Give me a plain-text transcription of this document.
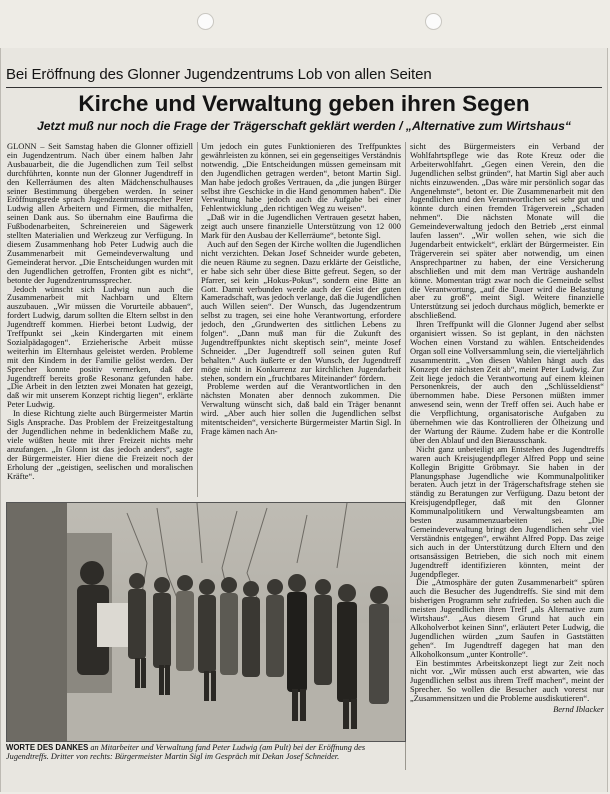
Bei Eröffnung des Glonner Jugendzentrums Lob von allen Seiten
Kirche und Verwaltung geben ihren Segen
Jetzt muß nur noch die Frage der Trägerschaft geklärt werden / „Alternative zum Wirtshaus“

GLONN – Seit Samstag haben die Glonner offiziell ein Jugendzentrum. Nach über einem halben Jahr Ausbauarbeit, die die Jugendlichen zum Teil selbst durchführten, konnte nun der Glonner Jugendtreff in den Kellerräumen des alten Mädchenschulhauses seiner Bestimmung übergeben werden. In seiner Eröffnungsrede sprach Jugendzentrumssprecher Peter Ludwig allen Arbeitern und Firmen, die mithalfen, seinen Dank aus. So übernahm eine Baufirma die Fußbodenarbeiten, Schreinereien und Sägewerk stellten Materialien und Werkzeug zur Verfügung. In diesem Zusammenhang hob Peter Ludwig auch die Zusammenarbeit mit Gemeindeverwaltung und Gemeinderat hervor. „Die Entscheidungen wurden mit den Jugendlichen getroffen, Fronten gibt es nicht“, betonte der Jugendzentrumssprecher.

Jedoch wünscht sich Ludwig nun auch die Zusammenarbeit mit Nachbarn und Eltern auszubauen. „Wir müssen die Vorurteile abbauen“, fordert Ludwig, darum sollten die Eltern selbst in den Jugendtreff kommen. Hierbei betont Ludwig, der Treffpunkt sei „kein Kindergarten mit einem Sozialpädagogen“. Erzieherische Arbeit müsse weiterhin im Elternhaus geleistet werden. Probleme mit den Kindern in der Familie gelöst werden. Der Sprecher konnte positiv vermerken, daß der Jugendtreff bereits große Resonanz gefunden habe. „Die Arbeit in den letzten zwei Monaten hat gezeigt, daß wir mit unserem Konzept richtig liegen“, erklärte Peter Ludwig.

In diese Richtung zielte auch Bürgermeister Martin Sigls Ansprache. Das Problem der Freizeitgestaltung der Jugendlichen nehme in bedenklichem Maße zu, viele wüßten heute mit ihrer Freizeit nichts mehr anzufangen. „In Glonn ist das jedoch anders“, sagte der Bürgermeister. Hier diene die Freizeit noch der Erholung der „geistigen, seelischen und moralischen Kräfte“.

Um jedoch ein gutes Funktionieren des Treffpunktes gewährleisten zu können, sei ein gegenseitiges Verständnis notwendig. „Die Entscheidungen müssen gemeinsam mit den Jugendlichen getragen werden“, betont Martin Sigl. Man habe jedoch großes Vertrauen, da „die jungen Bürger selbst ihre Geschicke in die Hand genommen haben“. Die Verwaltung habe jedoch auch die Aufgabe bei einer Fehlentwicklung „den richtigen Weg zu weisen“.

„Daß wir in die Jugendlichen Vertrauen gesetzt haben, zeigt auch unsere finanzielle Unterstützung von 12 000 Mark für den Ausbau der Kellerräume“, betonte Sigl.

Auch auf den Segen der Kirche wollten die Jugendlichen nicht verzichten. Dekan Josef Schneider wurde gebeten, die neuen Räume zu segnen. Dazu erklärte der Geistliche, er habe sich sehr über diese Bitte gefreut. Segen, so der Pfarrer, sei kein „Hokus-Pokus“, sondern eine Bitte an Gott. Damit verbunden werde auch der Geist der guten Kameradschaft, was jedoch verlange, daß die Jugendlichen auch Willen seien“. Der Wunsch, das Jugendzentrum selbst zu tragen, sei eine hohe Verantwortung, erfordere jedoch, den „Grundwerten des sittlichen Lebens zu folgen“. „Dann muß man für die Zukunft des Jugendtreffpunktes nicht skeptisch sein“, meinte Josef Schneider. „Der Jugendtreff soll seinen guten Ruf behalten.“ Auch äußerte er den Wunsch, der Jugendtreff möge nicht in Konkurrenz zur kirchlichen Jugendarbeit stehen, sondern ein „fruchtbares Miteinander“ fördern.

Probleme werden auf die Verantwortlichen in den nächsten Monaten aber dennoch zukommen. Die Verwaltung wünscht sich, daß bald ein Träger benannt wird. „Aber auch hier sollen die Jugendlichen selbst mitentscheiden“, versicherte Bürgermeister Martin Sigl. In Frage kämen nach An-

sicht des Bürgermeisters ein Verband der Wohlfahrtspflege wie das Rote Kreuz oder die Arbeiterwohlfahrt. „Gegen einen Verein, den die Jugendlichen selbst gründen“, hat Martin Sigl aber auch nichts einzuwenden. „Das wäre mir persönlich sogar das Angenehmste“, betont er. Die Zusammenarbeit mit den Jugendlichen und den Verantwortlichen sei sehr gut und könnte durch einen fremden Trägerverein „Schaden nehmen“. Die nächsten Monate will die Gemeindeverwaltung jedoch den Betrieb „erst einmal laufen lassen“. „Wir wollen sehen, wie sich die Jugendarbeit entwickelt“, erklärt der Bürgermeister. Ein Trägerverein sei später aber notwendig, um einen Ansprechpartner zu haben, der eine Versicherung abschließen und mit dem man Verträge aushandeln könne. Momentan trägt zwar noch die Gemeinde selbst die Verantwortung, „auf die Dauer wird die Belastung aber zu groß“, meint Sigl. Weitere finanzielle Unterstützung sei jedoch durchaus möglich, bemerkte er abschließend.

Ihren Treffpunkt will die Glonner Jugend aber selbst organisiert wissen. So ist geplant, in den nächsten Wochen einen Vorstand zu wählen. Entscheidendes Organ soll eine Vollversammlung sein, die vierteljährlich zusammentritt. „Von diesen Wahlen hängt auch das Konzept der nächsten Zeit ab“, meint Peter Ludwig. Zur Zeit liege jedoch die Verantwortung auf einem kleinen Personenkreis, der auch den „Schlüsseldienst“ übernommen habe. Diese Personen müßten immer anwesend sein, wenn der Treff offen sei. Auch habe er die Verpflichtung, organisatorische Aufgaben zu übernehmen wie das Kontrollieren der Ölheizung und der Wartung der Räume. Zudem habe er die Kontrolle über den Ablauf und den Bierausschank.

Nicht ganz unbeteiligt am Entstehen des Jugendtreffs waren auch Kreisjugendpfleger Alfred Popp und seine Kollegin Brigitte Gröbmayr. Sie haben in der Planungsphase Jugendliche wie Kommunalpolitiker beraten. Auch jetzt in der Trägerschaftsfrage stehen sie ständig zu Beratungen zur Verfügung. Dazu betont der Kreisjugendpfleger, daß mit den Glonner Kommunalpolitikern und Verwaltungsbeamten am besten zusammenzuarbeiten sei. „Die Gemeindeverwaltung bringt den Jugendlichen sehr viel Verständnis entgegen“, erwähnt Alfred Popp. Das zeige sich auch in der Unterstützung durch Eltern und den ortsansässigen Betrieben, die sich noch mit einem Jugendtreff identifizieren könnten, meint der Jugendpfleger.

Die „Atmosphäre der guten Zusammenarbeit“ spüren auch die Besucher des Jugendtreffs. Sie sind mit dem bisherigen Programm sehr zufrieden. So sehen auch die meisten Jugendlichen ihren Treff „als Alternative zum Wirtshaus“. „Aus diesem Grund hat auch ein Alkoholverbot keinen Sinn“, erläutert Peter Ludwig, die Jugendlichen würden „zum Saufen in Gaststätten gehen“. Im Jugendtreff dagegen hat man den Alkoholkonsum „unter Kontrolle“.

Ein bestimmtes Arbeitskonzept liegt zur Zeit noch nicht vor. „Wir müssen auch erst abwarten, wie das Jugendlichen selbst aus ihrem Treff machen“, meint der Sprecher. So wollen die Besucher auch vorerst nur „Zusammensitzen und die Probleme ausdiskutieren“.

Bernd Iblacker
WORTE DES DANKES an Mitarbeiter und Verwaltung fand Peter Ludwig (am Pult) bei der Eröffnung des Jugendtreffs. Dritter von rechts: Bürgermeister Martin Sigl im Gespräch mit Dekan Josef Schneider.
